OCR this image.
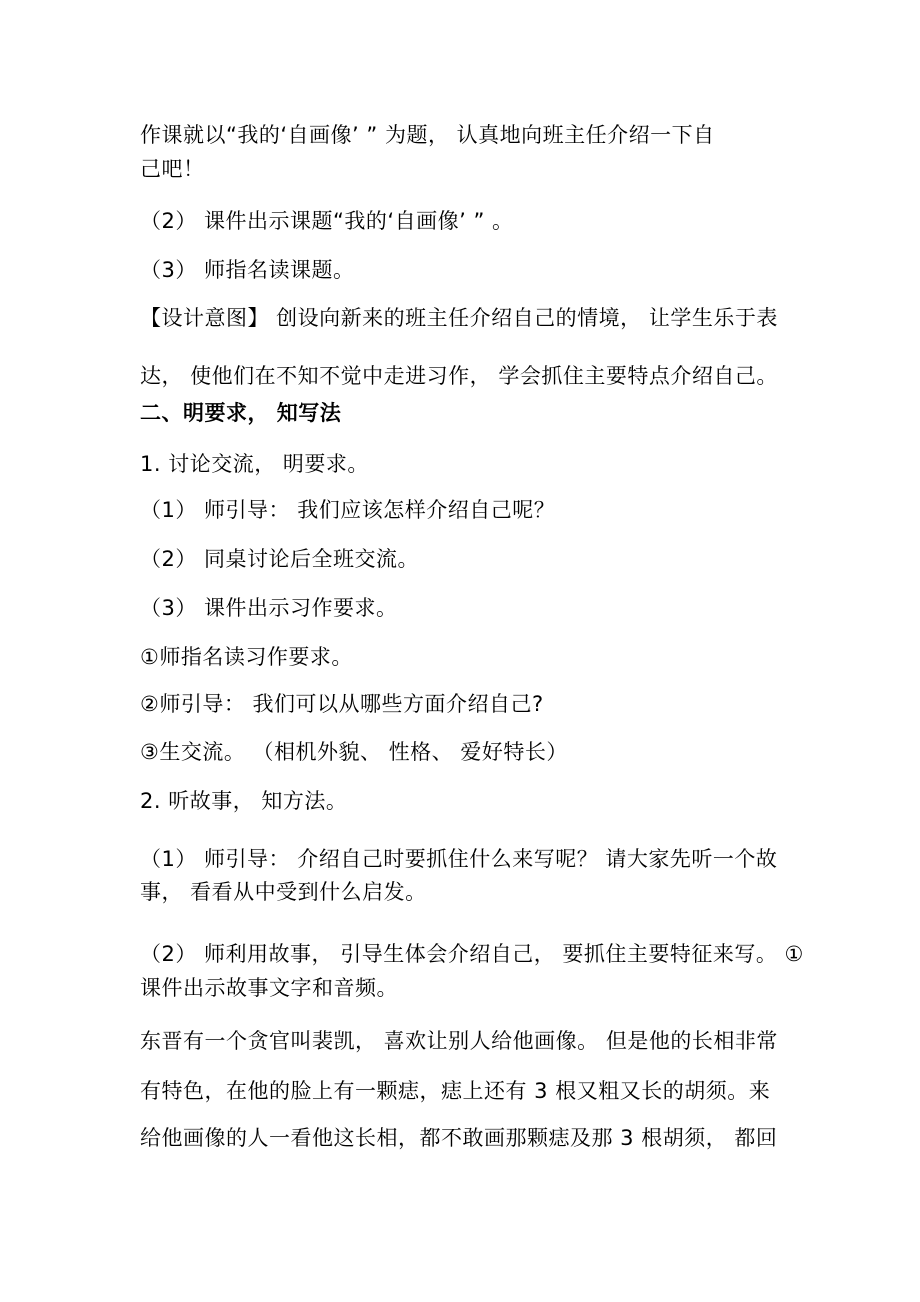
作课就以“我的‘自画像’ ” 为题， 认真地向班主任介绍一下自
己吧！
（2） 课件出示课题“我的‘自画像’ ” 。
（3） 师指名读课题。
【设计意图】 创设向新来的班主任介绍自己的情境， 让学生乐于表
达， 使他们在不知不觉中走进习作， 学会抓住主要特点介绍自己。
二、明要求， 知写法
1. 讨论交流， 明要求。
（1） 师引导： 我们应该怎样介绍自己呢？
（2） 同桌讨论后全班交流。
（3） 课件出示习作要求。
①师指名读习作要求。
②师引导： 我们可以从哪些方面介绍自己?
③生交流。 （相机外貌、 性格、 爱好特长）
2. 听故事， 知方法。
（1） 师引导： 介绍自己时要抓住什么来写呢？ 请大家先听一个故
事， 看看从中受到什么启发。
（2） 师利用故事， 引导生体会介绍自己， 要抓住主要特征来写。 ①
课件出示故事文字和音频。
东晋有一个贪官叫裴凯， 喜欢让别人给他画像。 但是他的长相非常
有特色，在他的脸上有一颗痣，痣上还有 3 根又粗又长的胡须。来
给他画像的人一看他这长相，都不敢画那颗痣及那 3 根胡须， 都回
